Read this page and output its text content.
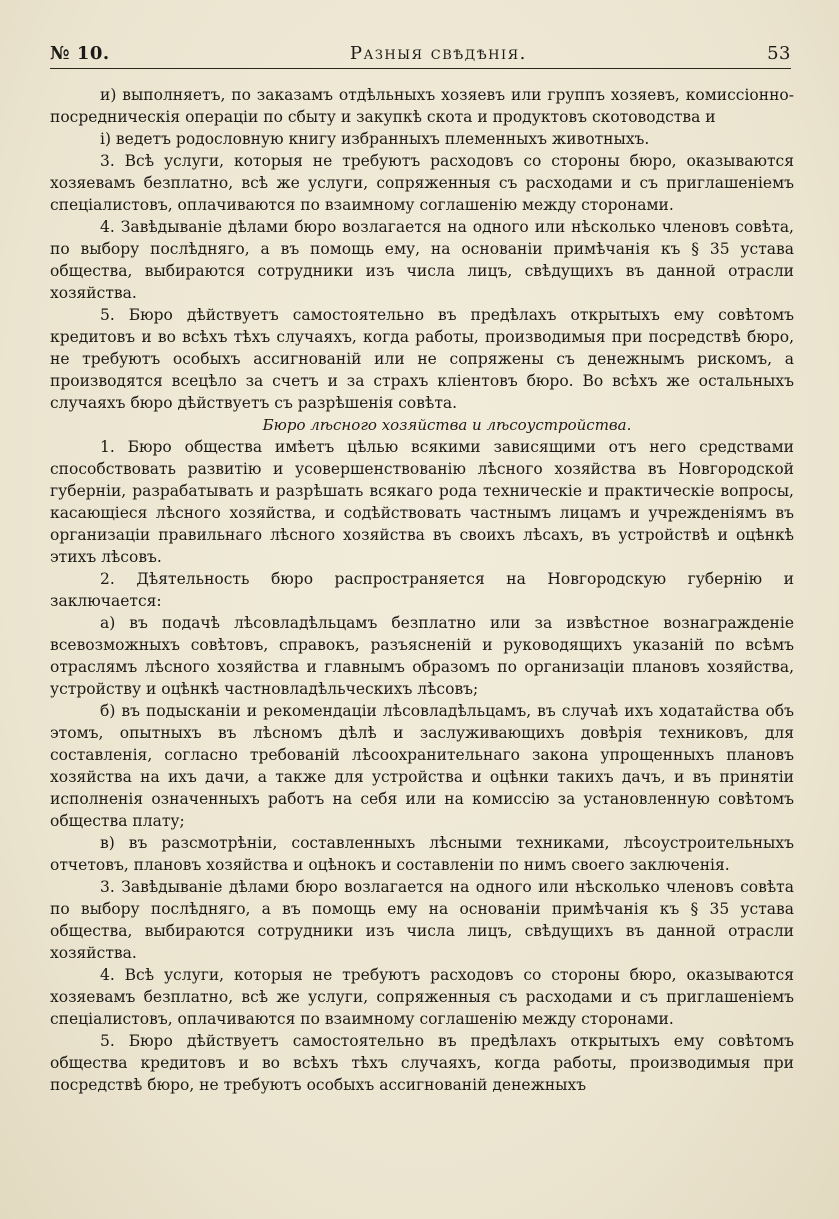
№ 10.	Разныя свѣдѣнія.	53

и) выполняетъ, по заказамъ отдѣльныхъ хозяевъ или группъ хозяевъ, комиссіонно-посредническія операціи по сбыту и закупкѣ скота и продуктовъ скотоводства и

і) ведетъ родословную книгу избранныхъ племенныхъ животныхъ.

3. Всѣ услуги, которыя не требуютъ расходовъ со стороны бюро, оказываются хозяевамъ безплатно, всѣ же услуги, сопряженныя съ расходами и съ приглашеніемъ спеціалистовъ, оплачиваются по взаимному соглашенію между сторонами.

4. Завѣдыванiе дѣлами бюро возлагается на одного или нѣсколько членовъ совѣта, по выбору послѣдняго, а въ помощь ему, на основаніи примѣчанія къ § 35 устава общества, выбираются сотрудники изъ числа лицъ, свѣдущихъ въ данной отрасли хозяйства.

5. Бюро дѣйствуетъ самостоятельно въ предѣлахъ открытыхъ ему совѣтомъ кредитовъ и во всѣхъ тѣхъ случаяхъ, когда работы, производимыя при посредствѣ бюро, не требуютъ особыхъ ассигнованій или не сопряжены съ денежнымъ рискомъ, а производятся всецѣло за счетъ и за страхъ кліентовъ бюро. Во всѣхъ же остальныхъ случаяхъ бюро дѣйствуетъ съ разрѣшенія совѣта.

Бюро лѣсного хозяйства и лѣсоустройства.

1. Бюро общества имѣетъ цѣлью всякими зависящими отъ него средствами способствовать развитію и усовершенствованію лѣсного хозяйства въ Новгородской губерніи, разрабатывать и разрѣшать всякаго рода техническіе и практическіе вопросы, касающіеся лѣсного хозяйства, и содѣйствовать частнымъ лицамъ и учрежденіямъ въ организаціи правильнаго лѣсного хозяйства въ своихъ лѣсахъ, въ устройствѣ и оцѣнкѣ этихъ лѣсовъ.

2. Дѣятельность бюро распространяется на Новгородскую губернію и заключается:

а) въ подачѣ лѣсовладѣльцамъ безплатно или за извѣстное вознагражденіе всевозможныхъ совѣтовъ, справокъ, разъясненій и руководящихъ указаній по всѣмъ отраслямъ лѣсного хозяйства и главнымъ образомъ по организаціи плановъ хозяйства, устройству и оцѣнкѣ частновладѣльческихъ лѣсовъ;

б) въ подысканіи и рекомендаціи лѣсовладѣльцамъ, въ случаѣ ихъ ходатайства объ этомъ, опытныхъ въ лѣсномъ дѣлѣ и заслуживающихъ довѣрія техниковъ, для составленія, согласно требованій лѣсоохранительнаго закона упрощенныхъ плановъ хозяйства на ихъ дачи, а также для устройства и оцѣнки такихъ дачъ, и въ принятіи исполненія означенныхъ работъ на себя или на комиссію за установленную совѣтомъ общества плату;

в) въ разсмотрѣніи, составленныхъ лѣсными техниками, лѣсоустроительныхъ отчетовъ, плановъ хозяйства и оцѣнокъ и составленіи по нимъ своего заключенія.

3. Завѣдыванiе дѣлами бюро возлагается на одного или нѣсколько членовъ совѣта по выбору послѣдняго, а въ помощь ему на основаніи примѣчанія къ § 35 устава общества, выбираются сотрудники изъ числа лицъ, свѣдущихъ въ данной отрасли хозяйства.

4. Всѣ услуги, которыя не требуютъ расходовъ со стороны бюро, оказываются хозяевамъ безплатно, всѣ же услуги, сопряженныя съ расходами и съ приглашеніемъ спеціалистовъ, оплачиваются по взаимному соглашенію между сторонами.

5. Бюро дѣйствуетъ самостоятельно въ предѣлахъ открытыхъ ему совѣтомъ общества кредитовъ и во всѣхъ тѣхъ случаяхъ, когда работы, производимыя при посредствѣ бюро, не требуютъ особыхъ ассигнованій денежныхъ
